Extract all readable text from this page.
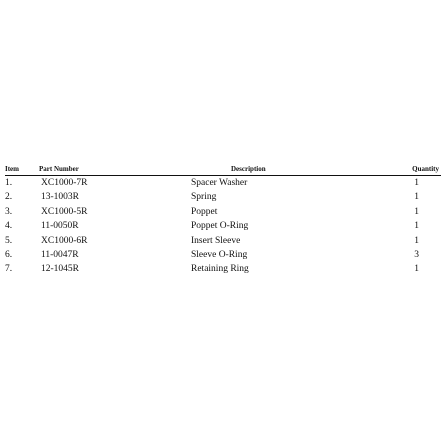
Item	Part Number	Description	Quantity
1.	XC1000-7R	Spacer Washer	1
2.	13-1003R	Spring	1
3.	XC1000-5R	Poppet	1
4.	11-0050R	Poppet O-Ring	1
5.	XC1000-6R	Insert Sleeve	1
6.	11-0047R	Sleeve O-Ring	3
7.	12-1045R	Retaining Ring	1
